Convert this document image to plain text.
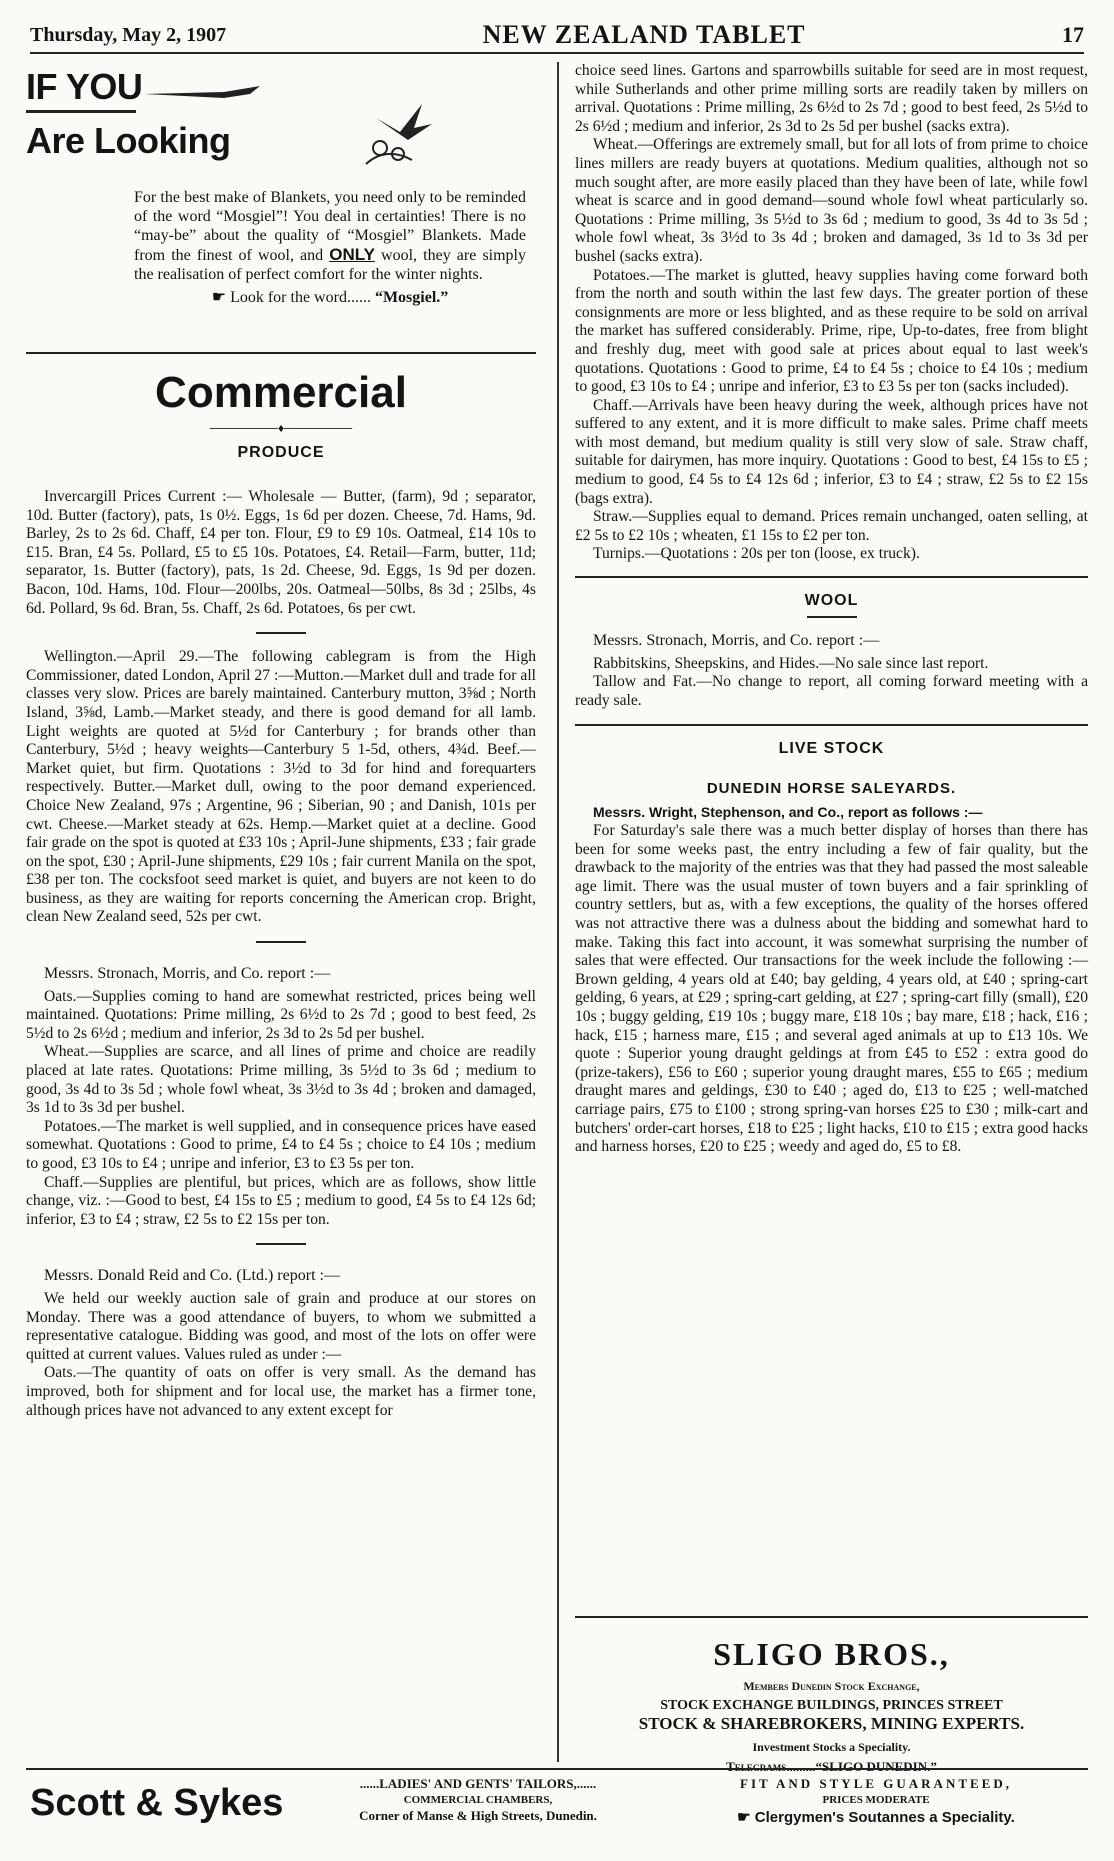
Thursday, May 2, 1907	NEW ZEALAND TABLET	17
IF YOU
Are Looking
For the best make of Blankets, you need only to be reminded of the word “Mosgiel”! You deal in certainties! There is no “may-be” about the quality of “Mosgiel” Blankets. Made from the finest of wool, and ONLY wool, they are simply the realisation of perfect comfort for the winter nights.
☛ Look for the word...... “Mosgiel.”
Commercial
────────♦────────
PRODUCE

Invercargill Prices Current :— Wholesale — Butter, (farm), 9d ; separator, 10d. Butter (factory), pats, 1s 0½. Eggs, 1s 6d per dozen. Cheese, 7d. Hams, 9d. Barley, 2s to 2s 6d. Chaff, £4 per ton. Flour, £9 to £9 10s. Oatmeal, £14 10s to £15. Bran, £4 5s. Pollard, £5 to £5 10s. Potatoes, £4. Retail—Farm, butter, 11d; separator, 1s. Butter (factory), pats, 1s 2d. Cheese, 9d. Eggs, 1s 9d per dozen. Bacon, 10d. Hams, 10d. Flour—200lbs, 20s. Oatmeal—50lbs, 8s 3d ; 25lbs, 4s 6d. Pollard, 9s 6d. Bran, 5s. Chaff, 2s 6d. Potatoes, 6s per cwt.

Wellington.—April 29.—The following cablegram is from the High Commissioner, dated London, April 27 :—Mutton.—Market dull and trade for all classes very slow. Prices are barely maintained. Canterbury mutton, 3⅝d ; North Island, 3⅝d, Lamb.—Market steady, and there is good demand for all lamb. Light weights are quoted at 5½d for Canterbury ; for brands other than Canterbury, 5½d ; heavy weights—Canterbury 5 1-5d, others, 4¾d. Beef.—Market quiet, but firm. Quotations : 3½d to 3d for hind and forequarters respectively. Butter.—Market dull, owing to the poor demand experienced. Choice New Zealand, 97s ; Argentine, 96 ; Siberian, 90 ; and Danish, 101s per cwt. Cheese.—Market steady at 62s. Hemp.—Market quiet at a decline. Good fair grade on the spot is quoted at £33 10s ; April-June shipments, £33 ; fair grade on the spot, £30 ; April-June shipments, £29 10s ; fair current Manila on the spot, £38 per ton. The cocksfoot seed market is quiet, and buyers are not keen to do business, as they are waiting for reports concerning the American crop. Bright, clean New Zealand seed, 52s per cwt.

Messrs. Stronach, Morris, and Co. report :—

Oats.—Supplies coming to hand are somewhat restricted, prices being well maintained. Quotations: Prime milling, 2s 6½d to 2s 7d ; good to best feed, 2s 5½d to 2s 6½d ; medium and inferior, 2s 3d to 2s 5d per bushel.

Wheat.—Supplies are scarce, and all lines of prime and choice are readily placed at late rates. Quotations: Prime milling, 3s 5½d to 3s 6d ; medium to good, 3s 4d to 3s 5d ; whole fowl wheat, 3s 3½d to 3s 4d ; broken and damaged, 3s 1d to 3s 3d per bushel.

Potatoes.—The market is well supplied, and in consequence prices have eased somewhat. Quotations : Good to prime, £4 to £4 5s ; choice to £4 10s ; medium to good, £3 10s to £4 ; unripe and inferior, £3 to £3 5s per ton.

Chaff.—Supplies are plentiful, but prices, which are as follows, show little change, viz. :—Good to best, £4 15s to £5 ; medium to good, £4 5s to £4 12s 6d; inferior, £3 to £4 ; straw, £2 5s to £2 15s per ton.

Messrs. Donald Reid and Co. (Ltd.) report :—

We held our weekly auction sale of grain and produce at our stores on Monday. There was a good attendance of buyers, to whom we submitted a representative catalogue. Bidding was good, and most of the lots on offer were quitted at current values. Values ruled as under :—

Oats.—The quantity of oats on offer is very small. As the demand has improved, both for shipment and for local use, the market has a firmer tone, although prices have not advanced to any extent except for

choice seed lines. Gartons and sparrowbills suitable for seed are in most request, while Sutherlands and other prime milling sorts are readily taken by millers on arrival. Quotations : Prime milling, 2s 6½d to 2s 7d ; good to best feed, 2s 5½d to 2s 6½d ; medium and inferior, 2s 3d to 2s 5d per bushel (sacks extra).

Wheat.—Offerings are extremely small, but for all lots of from prime to choice lines millers are ready buyers at quotations. Medium qualities, although not so much sought after, are more easily placed than they have been of late, while fowl wheat is scarce and in good demand—sound whole fowl wheat particularly so. Quotations : Prime milling, 3s 5½d to 3s 6d ; medium to good, 3s 4d to 3s 5d ; whole fowl wheat, 3s 3½d to 3s 4d ; broken and damaged, 3s 1d to 3s 3d per bushel (sacks extra).

Potatoes.—The market is glutted, heavy supplies having come forward both from the north and south within the last few days. The greater portion of these consignments are more or less blighted, and as these require to be sold on arrival the market has suffered considerably. Prime, ripe, Up-to-dates, free from blight and freshly dug, meet with good sale at prices about equal to last week's quotations. Quotations : Good to prime, £4 to £4 5s ; choice to £4 10s ; medium to good, £3 10s to £4 ; unripe and inferior, £3 to £3 5s per ton (sacks included).

Chaff.—Arrivals have been heavy during the week, although prices have not suffered to any extent, and it is more difficult to make sales. Prime chaff meets with most demand, but medium quality is still very slow of sale. Straw chaff, suitable for dairymen, has more inquiry. Quotations : Good to best, £4 15s to £5 ; medium to good, £4 5s to £4 12s 6d ; inferior, £3 to £4 ; straw, £2 5s to £2 15s (bags extra).

Straw.—Supplies equal to demand. Prices remain unchanged, oaten selling, at £2 5s to £2 10s ; wheaten, £1 15s to £2 per ton.

Turnips.—Quotations : 20s per ton (loose, ex truck).

WOOL

Messrs. Stronach, Morris, and Co. report :—

Rabbitskins, Sheepskins, and Hides.—No sale since last report.

Tallow and Fat.—No change to report, all coming forward meeting with a ready sale.

LIVE STOCK
DUNEDIN HORSE SALEYARDS.

Messrs. Wright, Stephenson, and Co., report as follows :—

For Saturday's sale there was a much better display of horses than there has been for some weeks past, the entry including a few of fair quality, but the drawback to the majority of the entries was that they had passed the most saleable age limit. There was the usual muster of town buyers and a fair sprinkling of country settlers, but as, with a few exceptions, the quality of the horses offered was not attractive there was a dulness about the bidding and somewhat hard to make. Taking this fact into account, it was somewhat surprising the number of sales that were effected. Our transactions for the week include the following :—Brown gelding, 4 years old at £40; bay gelding, 4 years old, at £40 ; spring-cart gelding, 6 years, at £29 ; spring-cart gelding, at £27 ; spring-cart filly (small), £20 10s ; buggy gelding, £19 10s ; buggy mare, £18 10s ; bay mare, £18 ; hack, £16 ; hack, £15 ; harness mare, £15 ; and several aged animals at up to £13 10s. We quote : Superior young draught geldings at from £45 to £52 : extra good do (prize-takers), £56 to £60 ; superior young draught mares, £55 to £65 ; medium draught mares and geldings, £30 to £40 ; aged do, £13 to £25 ; well-matched carriage pairs, £75 to £100 ; strong spring-van horses £25 to £30 ; milk-cart and butchers' order-cart horses, £18 to £25 ; light hacks, £10 to £15 ; extra good hacks and harness horses, £20 to £25 ; weedy and aged do, £5 to £8.

SLIGO BROS.,
Members Dunedin Stock Exchange,
STOCK EXCHANGE BUILDINGS, PRINCES STREET
STOCK & SHAREBROKERS, MINING EXPERTS.
Investment Stocks a Speciality.
Telegrams.........“SLIGO DUNEDIN.”
Scott & Sykes	......LADIES' AND GENTS' TAILORS,......
COMMERCIAL CHAMBERS,
Corner of Manse & High Streets, Dunedin.
FIT AND STYLE GUARANTEED,
PRICES MODERATE
☛ Clergymen's Soutannes a Speciality.
